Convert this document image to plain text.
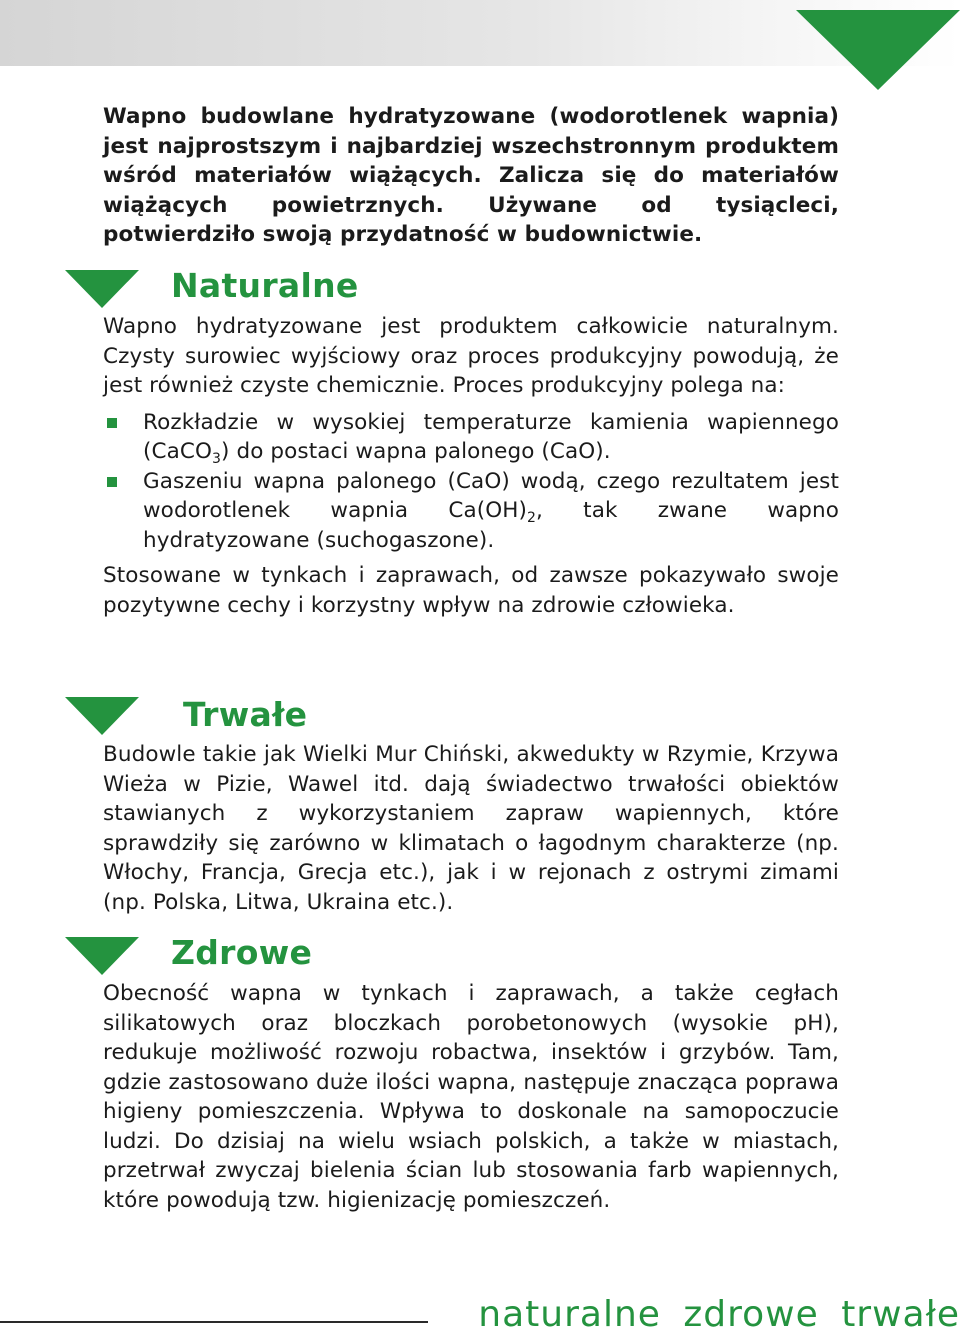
Wapno budowlane hydratyzowane (wodorotlenek wapnia) jest najprostszym i najbardziej wszechstronnym produktem wśród materiałów wiążących. Zalicza się do materiałów wiążących powietrznych. Używane od tysiącleci, potwierdziło swoją przydatność w budownictwie.

Naturalne

Wapno hydratyzowane jest produktem całkowicie naturalnym. Czysty surowiec wyjściowy oraz proces produkcyjny powodują, że jest również czyste chemicznie. Proces produkcyjny polega na:

Rozkładzie w wysokiej temperaturze kamienia wapiennego (CaCO$_3$) do postaci wapna palonego (CaO).
Gaszeniu wapna palonego (CaO) wodą, czego rezultatem jest wodorotlenek wapnia $Ca(OH)_2$, tak zwane wapno hydratyzowane (suchogaszone).

Stosowane w tynkach i zaprawach, od zawsze pokazywało swoje pozytywne cechy i korzystny wpływ na zdrowie człowieka.

Trwałe

Budowle takie jak Wielki Mur Chiński, akwedukty w Rzymie, Krzywa Wieża w Pizie, Wawel itd. dają świadectwo trwałości obiektów stawianych z wykorzystaniem zapraw wapiennych, które sprawdziły się zarówno w klimatach o łagodnym charakterze (np. Włochy, Francja, Grecja etc.), jak i w rejonach z ostrymi zimami (np. Polska, Litwa, Ukraina etc.).

Zdrowe

Obecność wapna w tynkach i zaprawach, a także cegłach silikatowych oraz bloczkach porobetonowych (wysokie pH), redukuje możliwość rozwoju robactwa, insektów i grzybów. Tam, gdzie zastosowano duże ilości wapna, następuje znacząca poprawa higieny pomieszczenia. Wpływa to doskonale na samopoczucie ludzi. Do dzisiaj na wielu wsiach polskich, a także w miastach, przetrwał zwyczaj bielenia ścian lub stosowania farb wapiennych, które powodują tzw. higienizację pomieszczeń.

naturalne zdrowe trwałe
